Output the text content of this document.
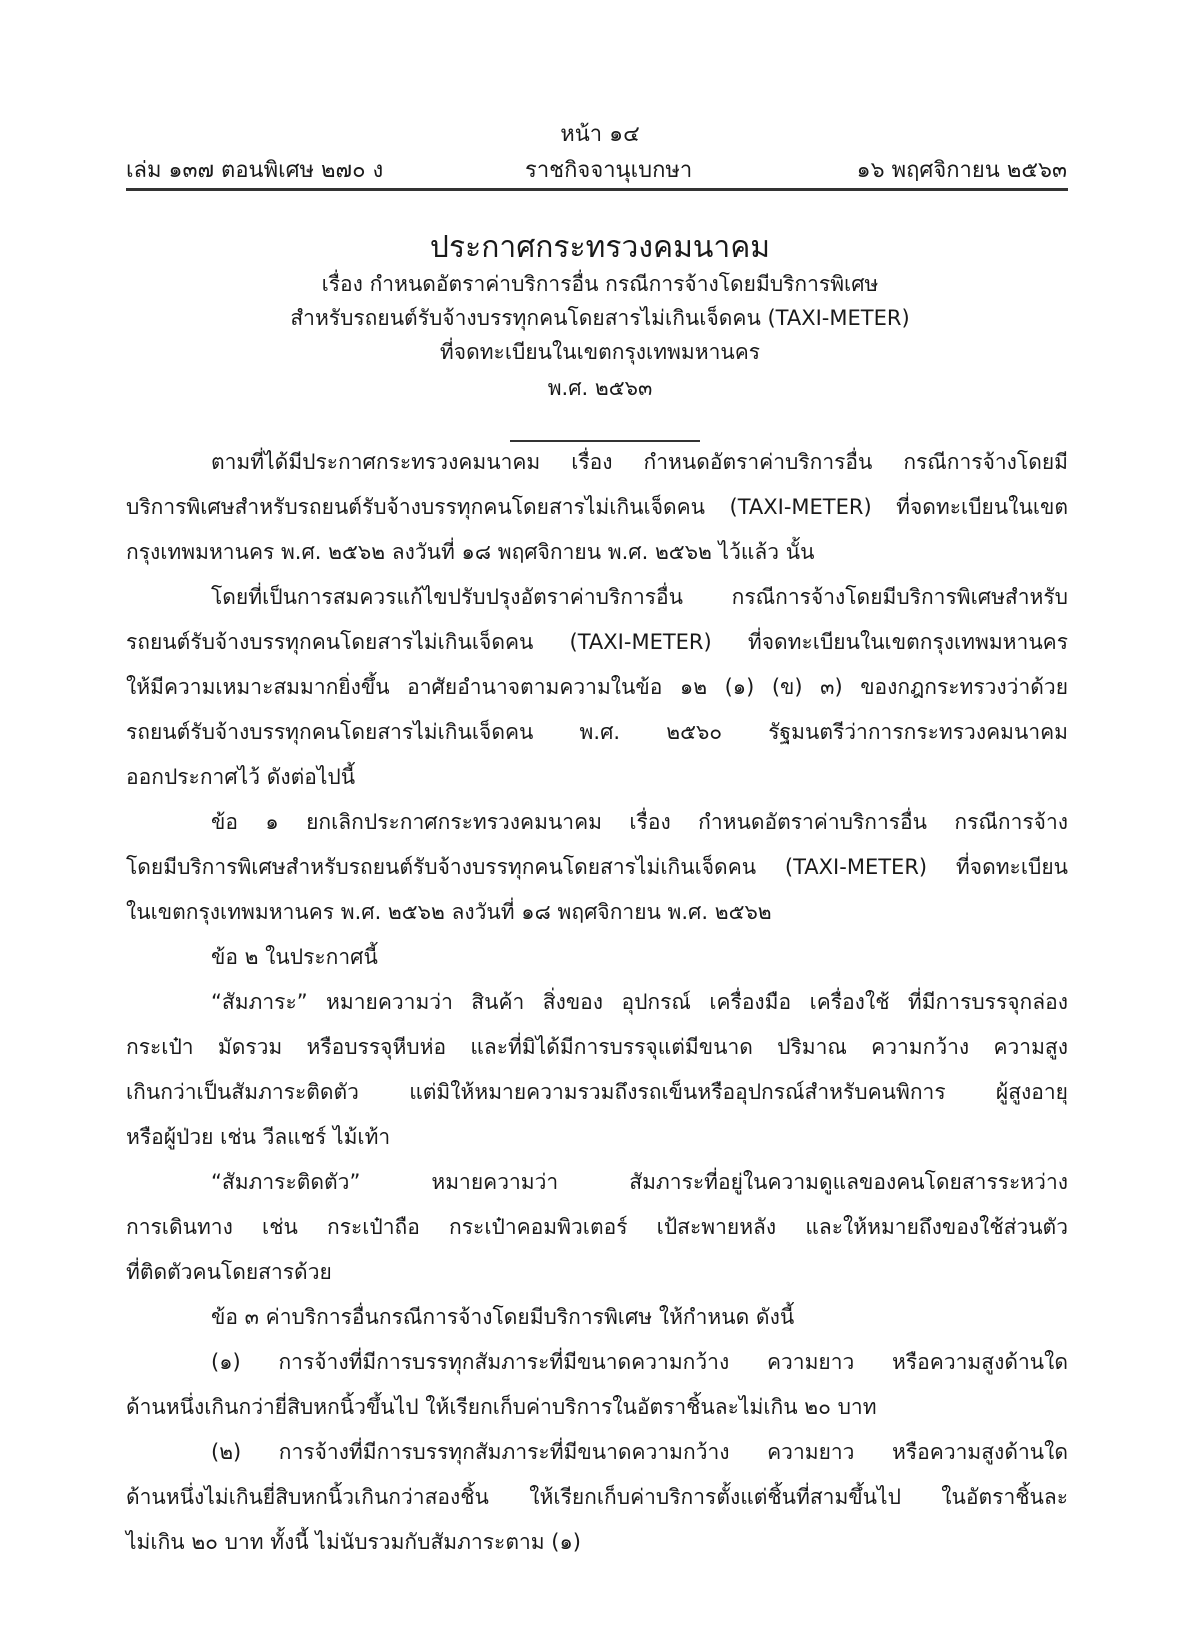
หน้า ๑๔
เล่ม ๑๓๗ ตอนพิเศษ ๒๗๐ ง	ราชกิจจานุเบกษา	๑๖ พฤศจิกายน ๒๕๖๓
ประกาศกระทรวงคมนาคม
เรื่อง กำหนดอัตราค่าบริการอื่น กรณีการจ้างโดยมีบริการพิเศษ
สำหรับรถยนต์รับจ้างบรรทุกคนโดยสารไม่เกินเจ็ดคน (TAXI-METER)
ที่จดทะเบียนในเขตกรุงเทพมหานคร
พ.ศ. ๒๕๖๓
ตามที่ได้มีประกาศกระทรวงคมนาคม เรื่อง กำหนดอัตราค่าบริการอื่น กรณีการจ้างโดยมี
บริการพิเศษสำหรับรถยนต์รับจ้างบรรทุกคนโดยสารไม่เกินเจ็ดคน (TAXI-METER) ที่จดทะเบียนในเขต
กรุงเทพมหานคร พ.ศ. ๒๕๖๒ ลงวันที่ ๑๘ พฤศจิกายน พ.ศ. ๒๕๖๒ ไว้แล้ว นั้น
โดยที่เป็นการสมควรแก้ไขปรับปรุงอัตราค่าบริการอื่น กรณีการจ้างโดยมีบริการพิเศษสำหรับ
รถยนต์รับจ้างบรรทุกคนโดยสารไม่เกินเจ็ดคน (TAXI-METER) ที่จดทะเบียนในเขตกรุงเทพมหานคร
ให้มีความเหมาะสมมากยิ่งขึ้น อาศัยอำนาจตามความในข้อ ๑๒ (๑) (ข) ๓) ของกฎกระทรวงว่าด้วย
รถยนต์รับจ้างบรรทุกคนโดยสารไม่เกินเจ็ดคน พ.ศ. ๒๕๖๐ รัฐมนตรีว่าการกระทรวงคมนาคม
ออกประกาศไว้ ดังต่อไปนี้
ข้อ ๑ ยกเลิกประกาศกระทรวงคมนาคม เรื่อง กำหนดอัตราค่าบริการอื่น กรณีการจ้าง
โดยมีบริการพิเศษสำหรับรถยนต์รับจ้างบรรทุกคนโดยสารไม่เกินเจ็ดคน (TAXI-METER) ที่จดทะเบียน
ในเขตกรุงเทพมหานคร พ.ศ. ๒๕๖๒ ลงวันที่ ๑๘ พฤศจิกายน พ.ศ. ๒๕๖๒
ข้อ ๒ ในประกาศนี้
“สัมภาระ” หมายความว่า สินค้า สิ่งของ อุปกรณ์ เครื่องมือ เครื่องใช้ ที่มีการบรรจุกล่อง
กระเป๋า มัดรวม หรือบรรจุหีบห่อ และที่มิได้มีการบรรจุแต่มีขนาด ปริมาณ ความกว้าง ความสูง
เกินกว่าเป็นสัมภาระติดตัว แต่มิให้หมายความรวมถึงรถเข็นหรืออุปกรณ์สำหรับคนพิการ ผู้สูงอายุ
หรือผู้ป่วย เช่น วีลแชร์ ไม้เท้า
“สัมภาระติดตัว” หมายความว่า สัมภาระที่อยู่ในความดูแลของคนโดยสารระหว่าง
การเดินทาง เช่น กระเป๋าถือ กระเป๋าคอมพิวเตอร์ เป้สะพายหลัง และให้หมายถึงของใช้ส่วนตัว
ที่ติดตัวคนโดยสารด้วย
ข้อ ๓ ค่าบริการอื่นกรณีการจ้างโดยมีบริการพิเศษ ให้กำหนด ดังนี้
(๑) การจ้างที่มีการบรรทุกสัมภาระที่มีขนาดความกว้าง ความยาว หรือความสูงด้านใด
ด้านหนึ่งเกินกว่ายี่สิบหกนิ้วขึ้นไป ให้เรียกเก็บค่าบริการในอัตราชิ้นละไม่เกิน ๒๐ บาท
(๒) การจ้างที่มีการบรรทุกสัมภาระที่มีขนาดความกว้าง ความยาว หรือความสูงด้านใด
ด้านหนึ่งไม่เกินยี่สิบหกนิ้วเกินกว่าสองชิ้น ให้เรียกเก็บค่าบริการตั้งแต่ชิ้นที่สามขึ้นไป ในอัตราชิ้นละ
ไม่เกิน ๒๐ บาท ทั้งนี้ ไม่นับรวมกับสัมภาระตาม (๑)
